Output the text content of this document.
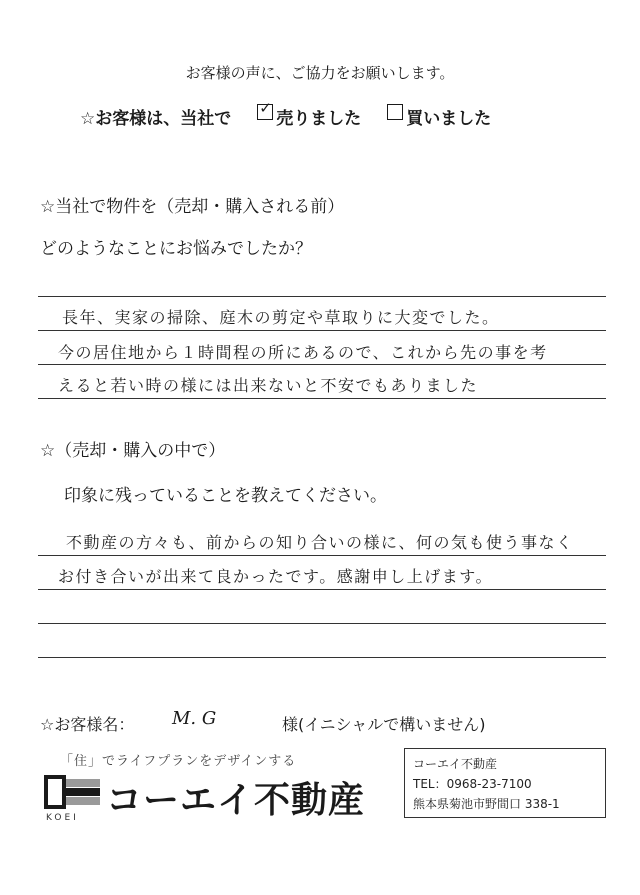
お客様の声に、ご協力をお願いします。
☆お客様は、当社で
✓	売りました	買いました
☆当社で物件を（売却・購入される前）
どのようなことにお悩みでしたか？
長年、実家の掃除、庭木の剪定や草取りに大変でした。
今の居住地から１時間程の所にあるので、これから先の事を考
えると若い時の様には出来ないと不安でもありました
☆（売却・購入の中で）
印象に残っていることを教えてください。
不動産の方々も、前からの知り合いの様に、何の気も使う事なく
お付き合いが出来て良かったです。感謝申し上げます。
☆お客様名： M. G	様(イニシャルで構いません)
「住」でライフプランをデザインする
コーエイ不動産
KOEI
コーエイ不動産
TEL：0968-23-7100
熊本県菊池市野間口 338-1
